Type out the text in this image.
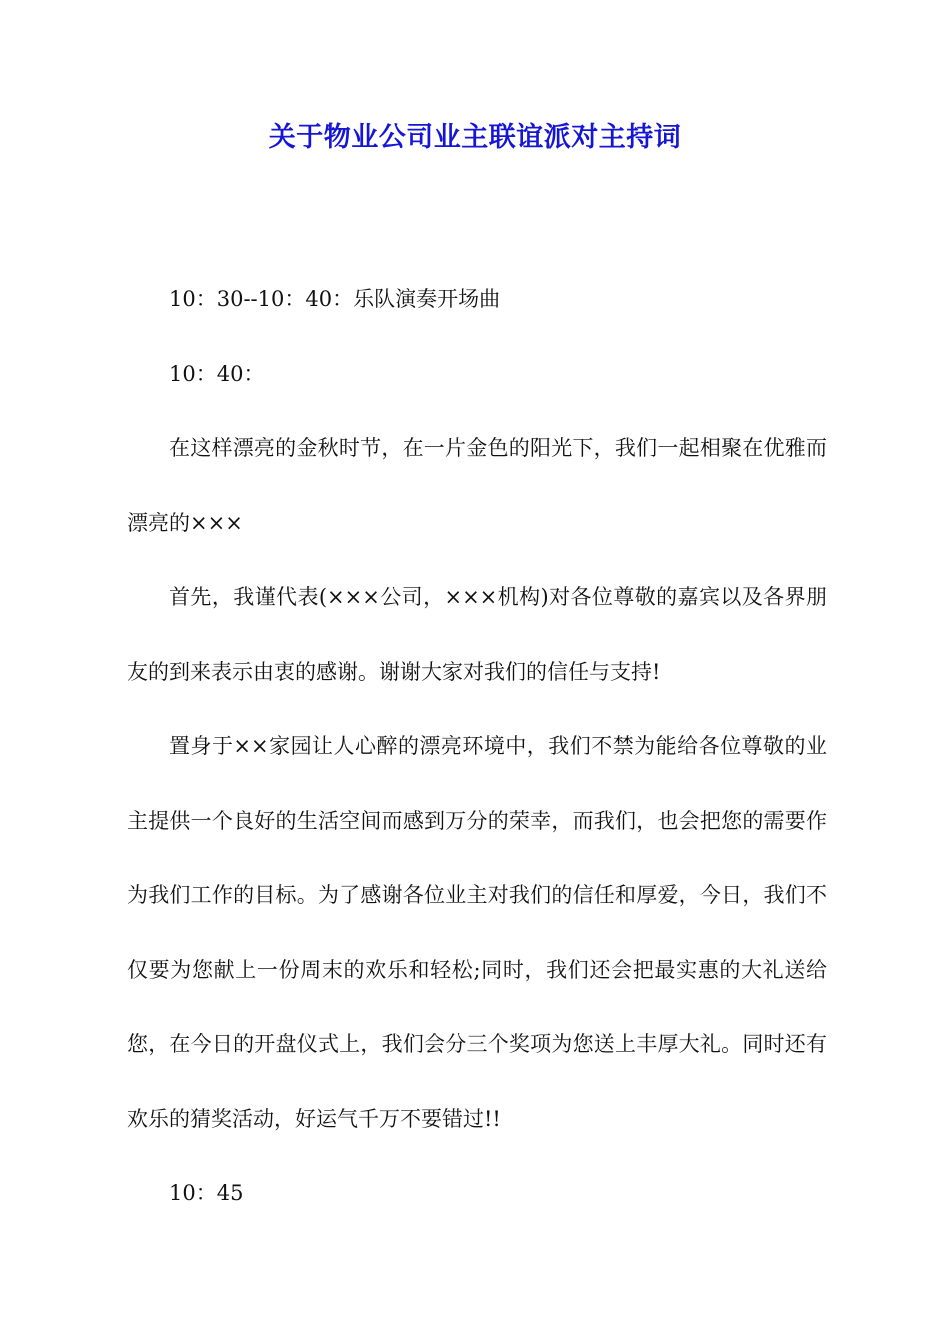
关于物业公司业主联谊派对主持词

10：30--10：40：乐队演奏开场曲

10：40：

在这样漂亮的金秋时节，在一片金色的阳光下，我们一起相聚在优雅而漂亮的×××

首先，我谨代表(×××公司，×××机构)对各位尊敬的嘉宾以及各界朋友的到来表示由衷的感谢。谢谢大家对我们的信任与支持!

置身于××家园让人心醉的漂亮环境中，我们不禁为能给各位尊敬的业主提供一个良好的生活空间而感到万分的荣幸，而我们，也会把您的需要作为我们工作的目标。为了感谢各位业主对我们的信任和厚爱，今日，我们不仅要为您献上一份周末的欢乐和轻松;同时，我们还会把最实惠的大礼送给您，在今日的开盘仪式上，我们会分三个奖项为您送上丰厚大礼。同时还有欢乐的猜奖活动，好运气千万不要错过!!

10：45
